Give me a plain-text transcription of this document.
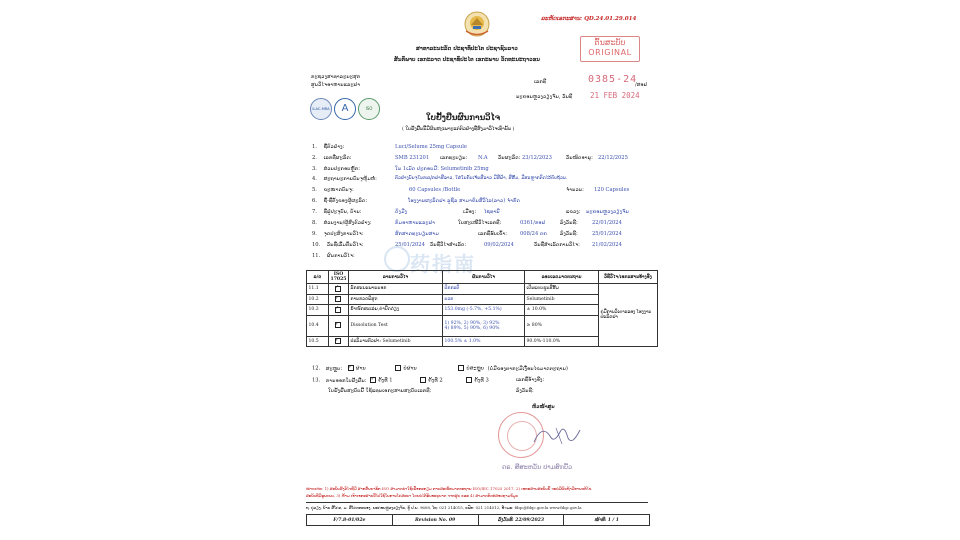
ລະຫັດເອກະສານ: QD.24.01.29.014
ຕົ້ນສະບັບ
ORIGINAL
ສາທາລະນະລັດ ປະຊາທິປະໄຕ ປະຊາຊົນລາວ
ສັນຕິພາບ ເອກະລາດ ປະຊາທິປະໄຕ ເອກະພາບ ວັດທະນະຖາວອນ
ກະຊວງສາທາລະນະສຸກ
ສູນວິໄຈອາຫານແລະຢາ	ເລກທີ	0385-24
/ສອຢ
ນະຄອນຫຼວງວຽງຈັນ, ວັນທີ 21 FEB 2024
ILAC-MRA	A	ISO
ໃບຢັ້ງຢືນຜົນການວິໄຈ
( ໃບຢັ້ງຢືນນີ້ມີຜົນສະເພາະແຕ່ຕົວຢ່າງທີ່ສົ່ງມາວິໄຈເທົ່ານັ້ນ )
1. ຊື່ຕົວຢ່າງ:	Luci/Selume 25mg Capsule
2. ເລກທີ່ຜະລິດ:	SMB 231201 ເລກທະບຽນ: N.A ວັນຜະລິດ: 23/12/2023	ວັນໝົດອາຍຸ: 22/12/2025
3. ສ່ວນປະກອບຫຼັກ:	ໃນ 1ເມັດ ປະກອບມີ: Selumetinib 25mg
4. ສະຖານະການບັນຈຸຫຸ້ມຫໍ່:	ຕົວຢ່າງບັນຈຸໃນກະປຸກຢາສີຂາວ, ໃສ່ໃນກັບເຈ້ຍສີຂາວ ມີສີຟ້າ, ສີສົ້ມ, ມີສະຫຼາກຕິດໄວ້ຄົບຖ້ວນ.
5. ຂະໜາດບັນຈຸ:	60 Capsules /Bottle	ຈຳນວນ: 120 Capsules
6. ຊື່-ທີ່ຕັ້ງຂອງຜູ້ຜະລິດ:	ໂຮງງານຜະລິດຢາ ລູຊິລ ສາມາຄົນສີວິໄລ(ລາວ) ຈຳກັດ
7. ທີ່ຢູ່ປະຈຸບັນ, ບ້ານ:	ດົງມີງ	ເມືອງ: ໄຊທານີ	ແຂວງ: ນະຄອນຫຼວງວຽງຈັນ
8. ສ່ວນງານ/ຜູ້ສົ່ງຕົວຢ່າງ:	ກົມອາຫານແລະຢາ	ໃບສະເໜີວິໄຈເລກທີ:	0361/ກອຢ	ລົງວັນທີ:	22/01/2024
9. ຈຸດປະສົງການວິໄຈ:	ສົກສາດທະບຽນສາມ	ເລກທີ່ຮັບເຂົ້າ: 008/24 ດຄ	ລົງວັນທີ:	25/01/2024
10. ວັນທີ່ເລີ່ມຕົ້ນວິໄຈ:	25/01/2024 ວັນທີ່ວິໄຈສຳເລັດ:	09/02/2024	ວັນທີ່ສຳເລັດການວິໄຈ: 21/02/2024
11. ຜົນການວິໄຈ:	药指南
ລ/ດ	ISO 17025	ລາຍການວິໄຈ	ຜົນການວິໄຈ	ຂອບເຂດມາດຕະຖານ	ວິທີວິໄຈ/ເອກະສານອ້າງອີງ
11.1	✓	ລັກສະນະພາຍນອກ	ປົກກະຕິ	ເປັນແຄບຊູນສີສົ້ມ	ຄູ່ມືການວິເຄາະຂອງ ໂຮງງານຜະລິດຢາ
10.2	✓	ການກວດພິສູດ	ບວກ	Selumetinib	
10.3	✓	ນ້ຳໜັກສະເລ່ຍ,ຄ່າບີດດ່ຽງ	153.0mg (-5.7%, +5.1%)	± 10.0%	
10.4	✓	Dissolution Test	1) 92%, 2) 90%, 3) 92%
4) 89%, 5) 90%, 6) 90%	≥ 80%	
10.5	✓	ປະລິມານຕົວຢາ: Selumetinib	100.5% ± 1.0%	90.0%-110.0%	
12. ສະຫຼຸບ: ✓	ຜ່ານ	ບໍ່ຜ່ານ	ບໍ່ສະຫຼຸບ (ບໍ່ມີຂອງຕາກະມີເງື່ອນໄຂມາດຕະຖານ)
13. ການອອກໃບຢັ້ງຢືນ: ✓ ຄັ້ງທີ 1	ຄັ້ງທີ 2	ຄັ້ງທີ 3	ເລກທີ່ອ້າງອີງ:
ໃບຢັ້ງຢືນສະບັບນີ້ ໃຊ້ແທນເອກະສານສະບັບເລກທີ:	ລົງວັນທີ:
ຫົວໜ້າສູນ
ດຣ. ສີສະຫວັນ ປາມສົກບີ້ວ
ໝາຍເຫດ: 1) ສະບັບສົ່ງວິໄຈທີ່ມີ ສາກສັນຍາລັກ ISO ສາມາດນຳໃຊ້ເພື່ອກະກຽມ ການສະໝັກມາດຕະຖານ ISO/IEC 17025 2017. 2) ເອກະສານສະບັບນີ້ ຈະບໍ່ມີຜົນຖ້າມີການແກ້ໄຂ
ສະບັບທີ່ມີຮູບແບບ, 3) ຫ້າມ ເອົາເອກະສານນີ້ໄປໃຊ້ໃນການໂຄສະນາ ໂດຍບໍ່ໄດ້ຮັບອະນຸຍາດ ຈາກສູນ ແລະ 4) ສາມາດຕິດຕໍ່ສອບຖາມຂໍ້ມູນ
ຖ. ຄູວຽງ, ບ້ານ ສີໂຄດ, ມ. ສີໂຄດຕະບອງ, ນະຄອນຫຼວງວຽງຈັນ, ຕູ້ ປ.ນ. 9608, ໂທ: 021 214015, ແຟັກ: 021 214012, ອີ-ເມລ: fdqc@fdqc.gov.la www.fdqc.gov.la
F/7.8-01/02e	Revision No. 09	ລົງວັນທີ: 22/09/2023	ໜ້າທີ: 1 / 1
